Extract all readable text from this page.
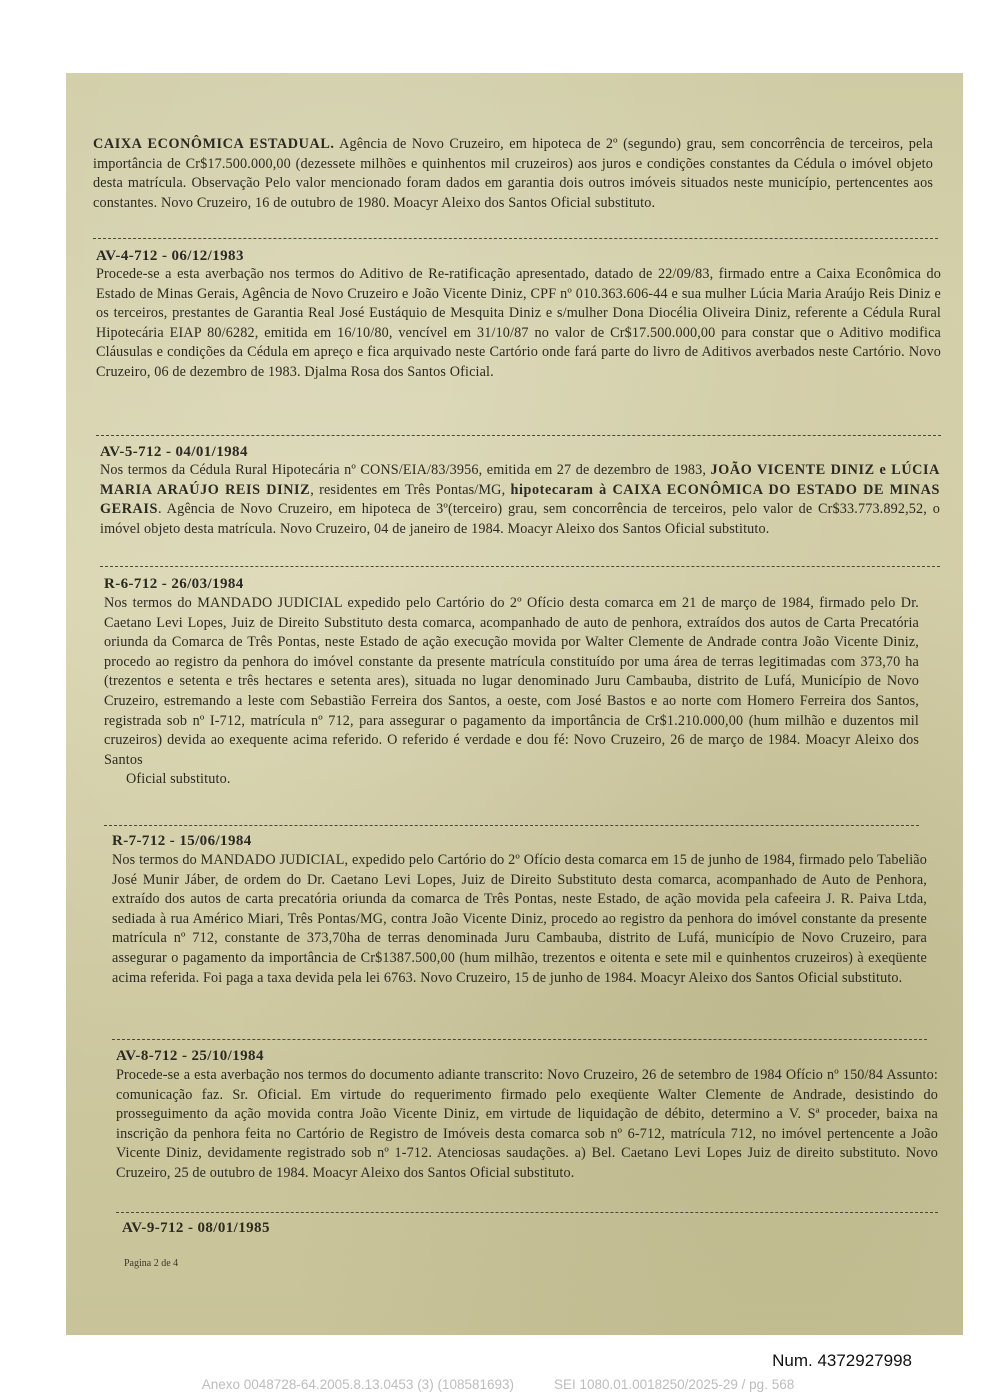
CAIXA ECONÔMICA ESTADUAL. Agência de Novo Cruzeiro, em hipoteca de 2º (segundo) grau, sem concorrência de terceiros, pela importância de Cr$17.500.000,00 (dezessete milhões e quinhentos mil cruzeiros) aos juros e condições constantes da Cédula o imóvel objeto desta matrícula. Observação Pelo valor mencionado foram dados em garantia dois outros imóveis situados neste município, pertencentes aos constantes. Novo Cruzeiro, 16 de outubro de 1980. Moacyr Aleixo dos Santos Oficial substituto.

AV-4-712 - 06/12/1983

Procede-se a esta averbação nos termos do Aditivo de Re-ratificação apresentado, datado de 22/09/83, firmado entre a Caixa Econômica do Estado de Minas Gerais, Agência de Novo Cruzeiro e João Vicente Diniz, CPF nº 010.363.606-44 e sua mulher Lúcia Maria Araújo Reis Diniz e os terceiros, prestantes de Garantia Real José Eustáquio de Mesquita Diniz e s/mulher Dona Diocélia Oliveira Diniz, referente a Cédula Rural Hipotecária EIAP 80/6282, emitida em 16/10/80, vencível em 31/10/87 no valor de Cr$17.500.000,00 para constar que o Aditivo modifica Cláusulas e condições da Cédula em apreço e fica arquivado neste Cartório onde fará parte do livro de Aditivos averbados neste Cartório. Novo Cruzeiro, 06 de dezembro de 1983. Djalma Rosa dos Santos Oficial.

AV-5-712 - 04/01/1984

Nos termos da Cédula Rural Hipotecária nº CONS/EIA/83/3956, emitida em 27 de dezembro de 1983, JOÃO VICENTE DINIZ e LÚCIA MARIA ARAÚJO REIS DINIZ, residentes em Três Pontas/MG, hipotecaram à CAIXA ECONÔMICA DO ESTADO DE MINAS GERAIS. Agência de Novo Cruzeiro, em hipoteca de 3º(terceiro) grau, sem concorrência de terceiros, pelo valor de Cr$33.773.892,52, o imóvel objeto desta matrícula. Novo Cruzeiro, 04 de janeiro de 1984. Moacyr Aleixo dos Santos Oficial substituto.

R-6-712 - 26/03/1984

Nos termos do MANDADO JUDICIAL expedido pelo Cartório do 2º Ofício desta comarca em 21 de março de 1984, firmado pelo Dr. Caetano Levi Lopes, Juiz de Direito Substituto desta comarca, acompanhado de auto de penhora, extraídos dos autos de Carta Precatória oriunda da Comarca de Três Pontas, neste Estado de ação execução movida por Walter Clemente de Andrade contra João Vicente Diniz, procedo ao registro da penhora do imóvel constante da presente matrícula constituído por uma área de terras legitimadas com 373,70 ha (trezentos e setenta e três hectares e setenta ares), situada no lugar denominado Juru Cambauba, distrito de Lufá, Município de Novo Cruzeiro, estremando a leste com Sebastião Ferreira dos Santos, a oeste, com José Bastos e ao norte com Homero Ferreira dos Santos, registrada sob nº I-712, matrícula nº 712, para assegurar o pagamento da importância de Cr$1.210.000,00 (hum milhão e duzentos mil cruzeiros) devida ao exequente acima referido. O referido é verdade e dou fé: Novo Cruzeiro, 26 de março de 1984. Moacyr Aleixo dos Santos
Oficial substituto.

R-7-712 - 15/06/1984

Nos termos do MANDADO JUDICIAL, expedido pelo Cartório do 2º Ofício desta comarca em 15 de junho de 1984, firmado pelo Tabelião José Munir Jáber, de ordem do Dr. Caetano Levi Lopes, Juiz de Direito Substituto desta comarca, acompanhado de Auto de Penhora, extraído dos autos de carta precatória oriunda da comarca de Três Pontas, neste Estado, de ação movida pela cafeeira J. R. Paiva Ltda, sediada à rua Américo Miari, Três Pontas/MG, contra João Vicente Diniz, procedo ao registro da penhora do imóvel constante da presente matrícula nº 712, constante de 373,70ha de terras denominada Juru Cambauba, distrito de Lufá, município de Novo Cruzeiro, para assegurar o pagamento da importância de Cr$1387.500,00 (hum milhão, trezentos e oitenta e sete mil e quinhentos cruzeiros) à exeqüente acima referida. Foi paga a taxa devida pela lei 6763. Novo Cruzeiro, 15 de junho de 1984. Moacyr Aleixo dos Santos Oficial substituto.

AV-8-712 - 25/10/1984

Procede-se a esta averbação nos termos do documento adiante transcrito: Novo Cruzeiro, 26 de setembro de 1984 Ofício nº 150/84 Assunto: comunicação faz. Sr. Oficial. Em virtude do requerimento firmado pelo exeqüente Walter Clemente de Andrade, desistindo do prosseguimento da ação movida contra João Vicente Diniz, em virtude de liquidação de débito, determino a V. Sª proceder, baixa na inscrição da penhora feita no Cartório de Registro de Imóveis desta comarca sob nº 6-712, matrícula 712, no imóvel pertencente a João Vicente Diniz, devidamente registrado sob nº 1-712. Atenciosas saudações. a) Bel. Caetano Levi Lopes Juiz de direito substituto. Novo Cruzeiro, 25 de outubro de 1984. Moacyr Aleixo dos Santos Oficial substituto.

AV-9-712 - 08/01/1985
Pagina 2 de 4
Num. 4372927998
Anexo 0048728-64.2005.8.13.0453 (3) (108581693)	SEI 1080.01.0018250/2025-29 / pg. 568
